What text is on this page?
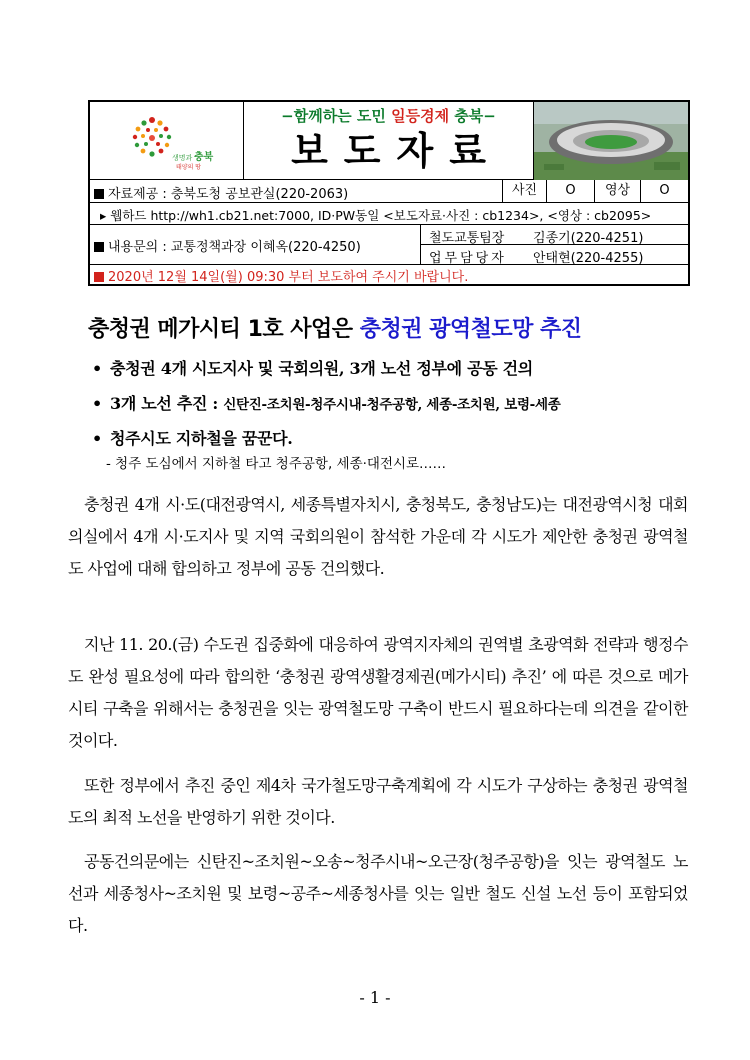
생명과 충북
태양의 땅
−함께하는 도민 일등경제 충북−
보도자료
자료제공 : 충북도청 공보관실(220-2063)	사진	O	영상	O
▸ 웹하드 http://wh1.cb21.net:7000, ID·PW동일 <보도자료·사진 : cb1234>, <영상 : cb2095>
내용문의 : 교통정책과장 이혜옥(220-4250)
철도교통팀장 김종기(220-4251)
업무담당자 안태현(220-4255)
2020년 12월 14일(월) 09:30 부터 보도하여 주시기 바랍니다.
충청권 메가시티 1호 사업은 충청권 광역철도망 추진
• 충청권 4개 시도지사 및 국회의원, 3개 노선 정부에 공동 건의
• 3개 노선 추진 : 신탄진-조치원-청주시내-청주공항, 세종-조치원, 보령-세종
• 청주시도 지하철을 꿈꾼다.
- 청주 도심에서 지하철 타고 청주공항, 세종·대전시로……
충청권 4개 시·도(대전광역시, 세종특별자치시, 충청북도, 충청남도)는 대전광역시청 대회의실에서 4개 시·도지사 및 지역 국회의원이 참석한 가운데 각 시도가 제안한 충청권 광역철도 사업에 대해 합의하고 정부에 공동 건의했다.
지난 11. 20.(금) 수도권 집중화에 대응하여 광역지자체의 권역별 초광역화 전략과 행정수도 완성 필요성에 따라 합의한 ‘충청권 광역생활경제권(메가시티) 추진’ 에 따른 것으로 메가시티 구축을 위해서는 충청권을 잇는 광역철도망 구축이 반드시 필요하다는데 의견을 같이한 것이다.
또한 정부에서 추진 중인 제4차 국가철도망구축계획에 각 시도가 구상하는 충청권 광역철도의 최적 노선을 반영하기 위한 것이다.
공동건의문에는 신탄진~조치원~오송~청주시내~오근장(청주공항)을 잇는 광역철도 노선과 세종청사~조치원 및 보령~공주~세종청사를 잇는 일반 철도 신설 노선 등이 포함되었다.
- 1 -
